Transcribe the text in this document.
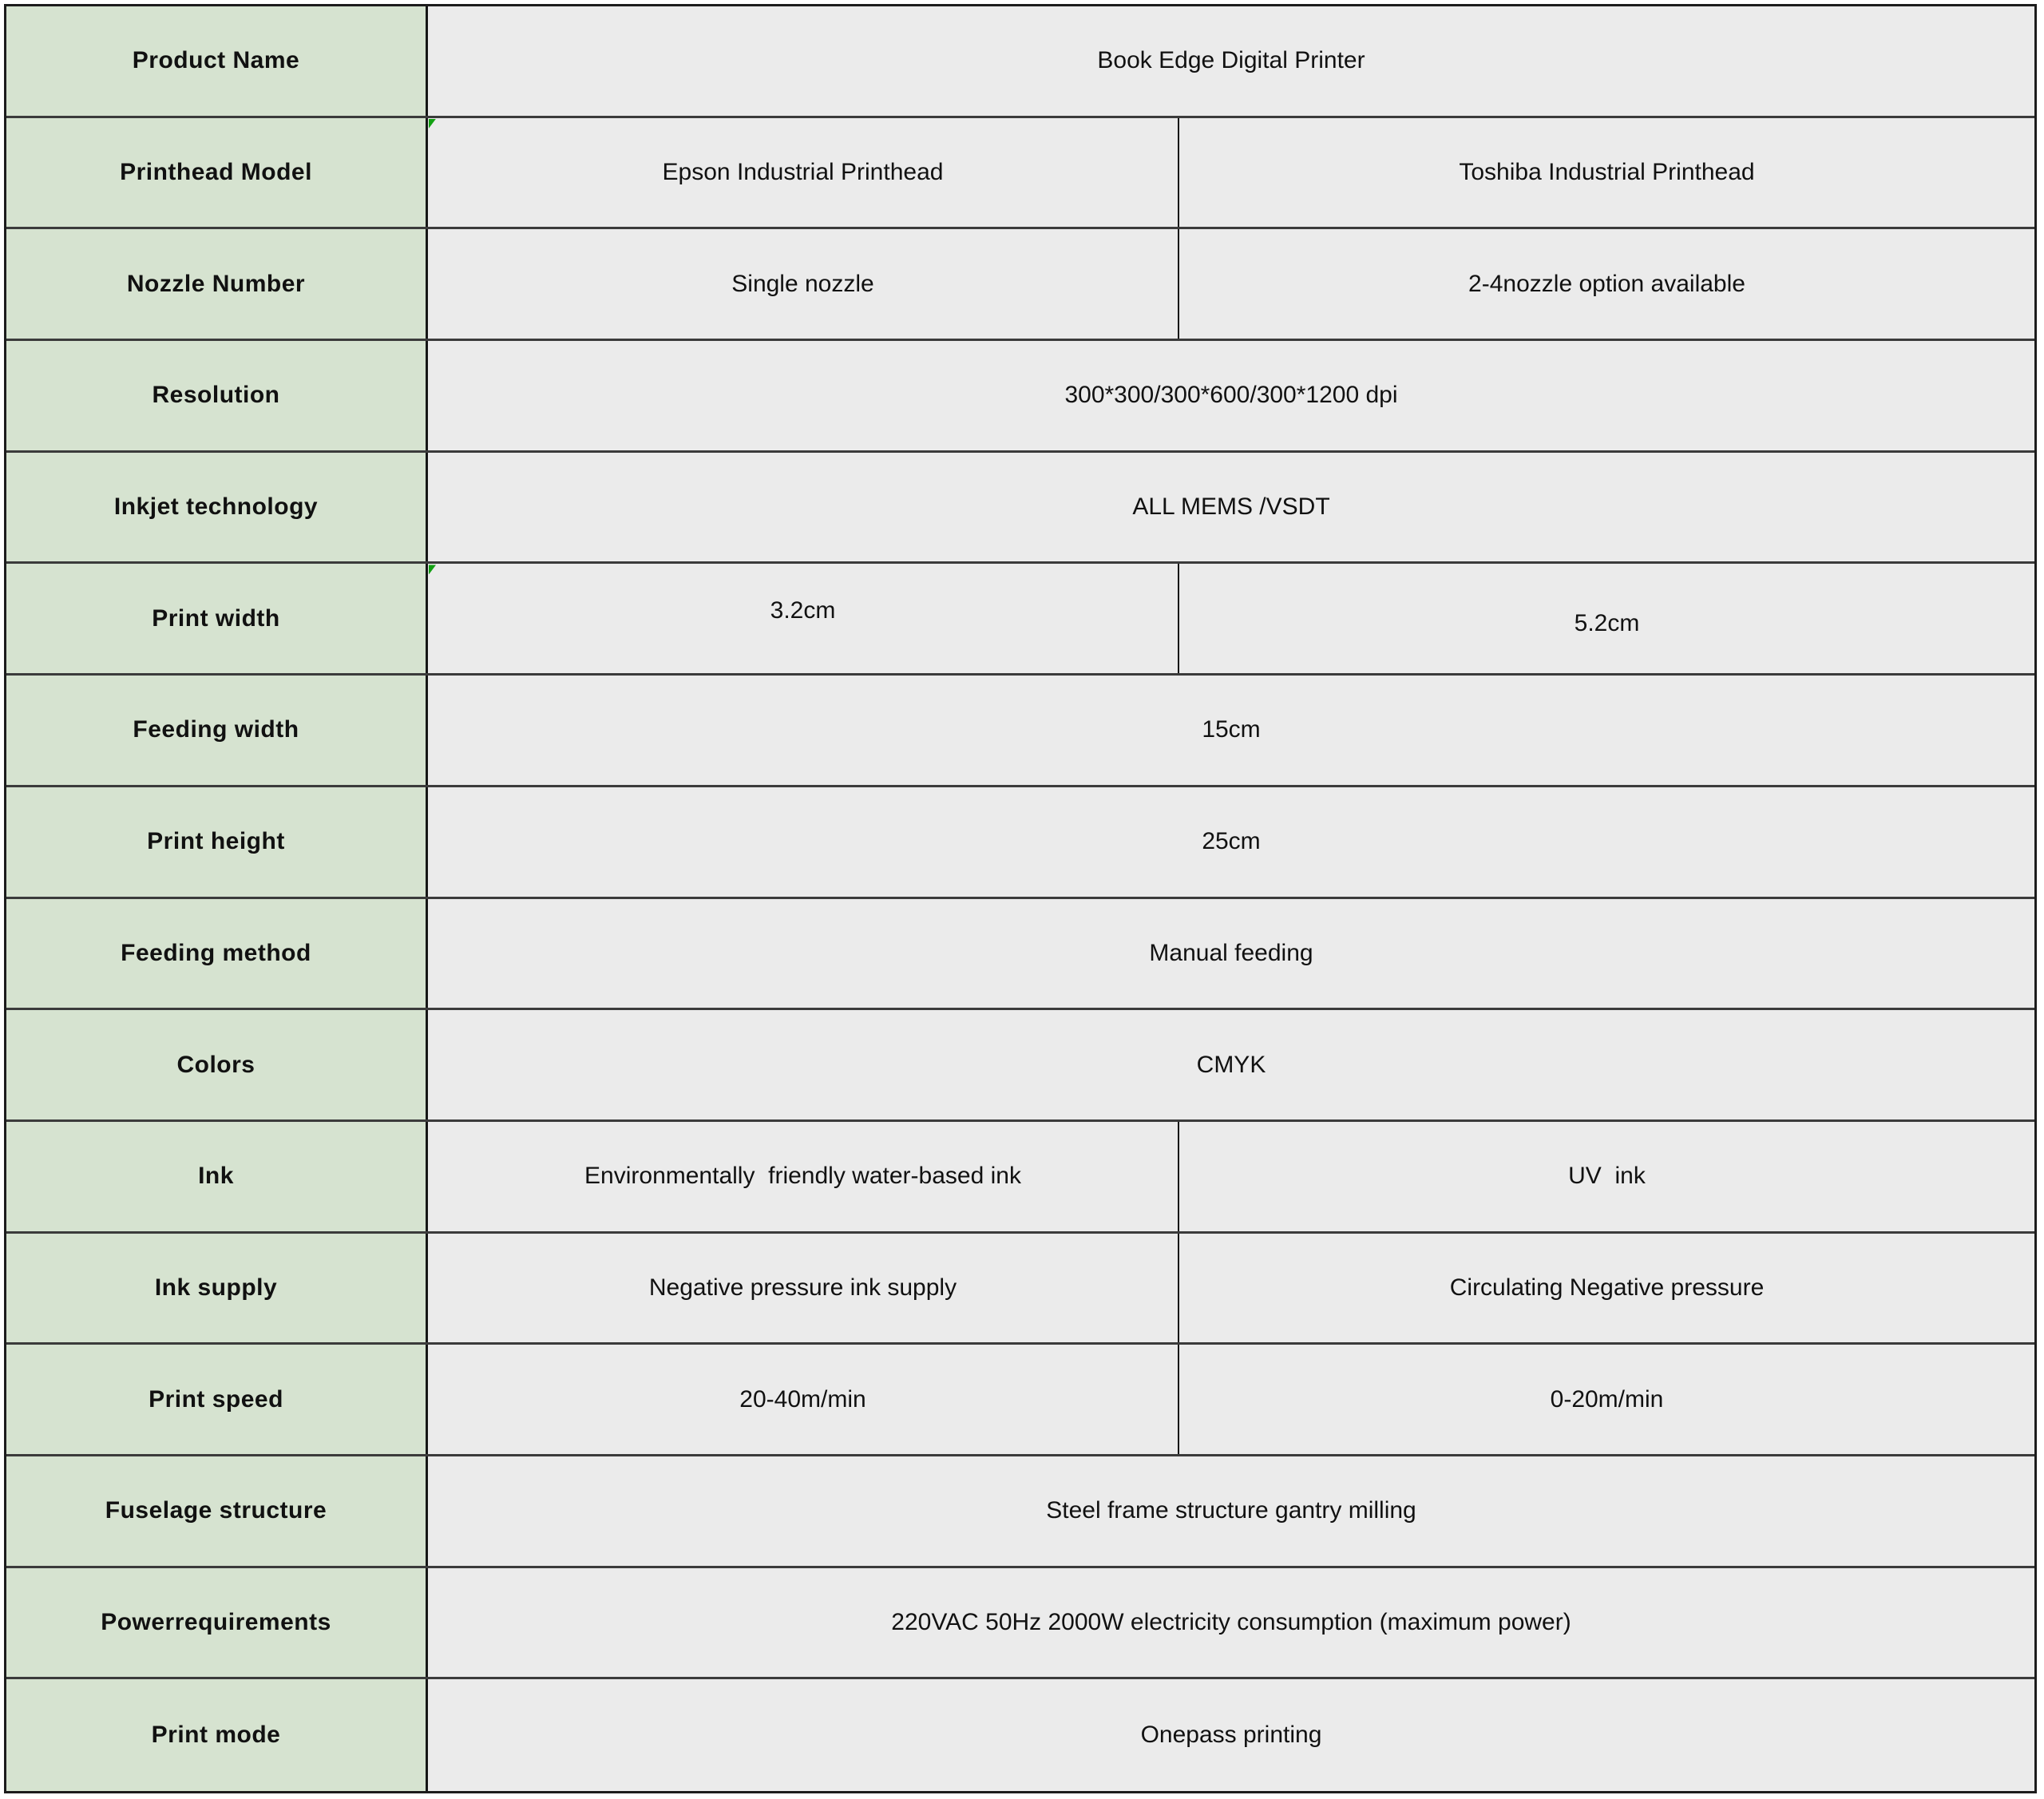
Product Name	Book Edge Digital Printer
Printhead Model	Epson Industrial Printhead	Toshiba Industrial Printhead
Nozzle Number	Single nozzle	2-4nozzle option available
Resolution	300*300/300*600/300*1200 dpi
Inkjet technology	ALL MEMS /VSDT
Print width	3.2cm	5.2cm
Feeding width	15cm
Print height	25cm
Feeding method	Manual feeding
Colors	CMYK
Ink	Environmentally  friendly water-based ink	UV  ink
Ink supply	Negative pressure ink supply	Circulating Negative pressure
Print speed	20-40m/min	0-20m/min
Fuselage structure	Steel frame structure gantry milling
Powerrequirements	220VAC 50Hz 2000W electricity consumption (maximum power)
Print mode	Onepass printing
